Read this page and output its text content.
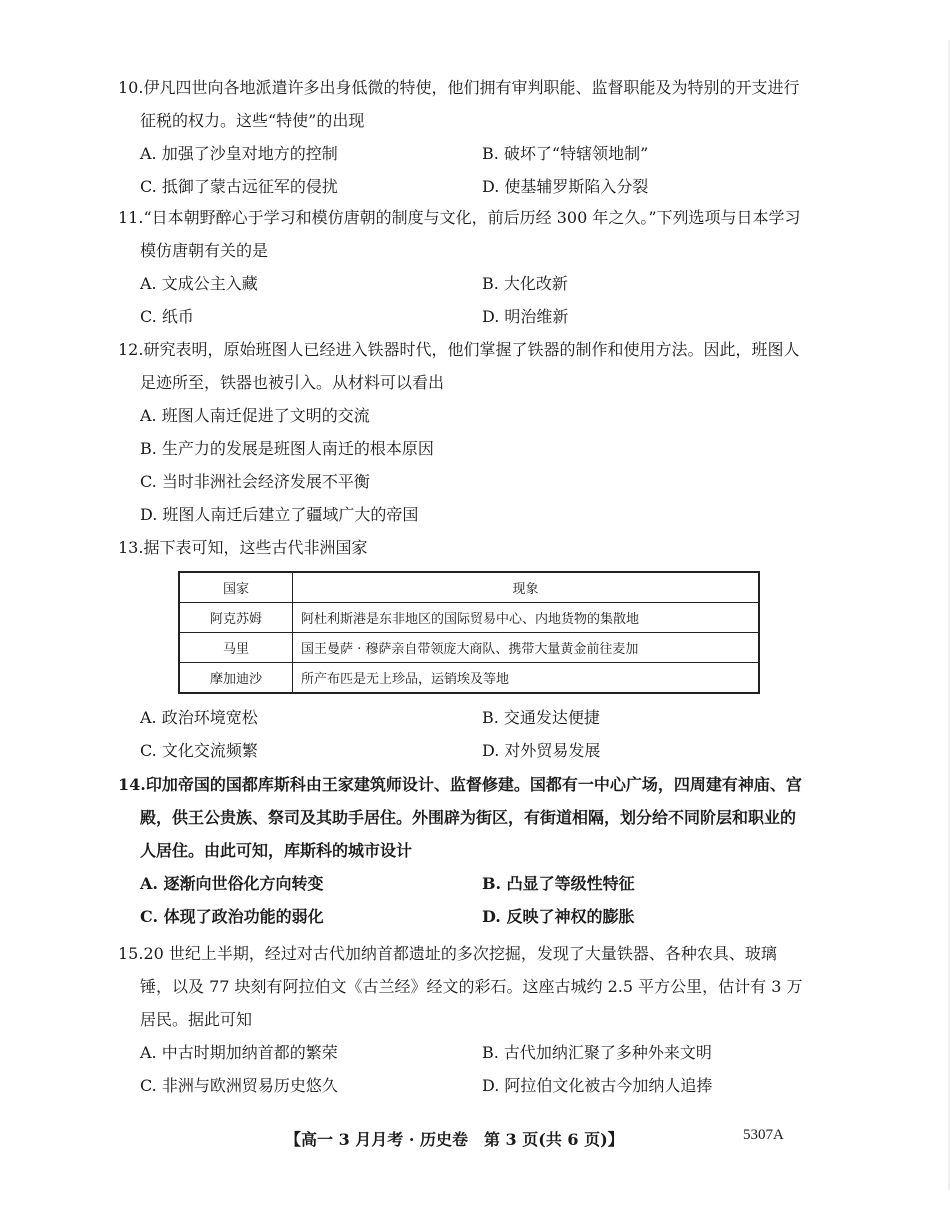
10.伊凡四世向各地派遣许多出身低微的特使，他们拥有审判职能、监督职能及为特别的开支进行征税的权力。这些“特使”的出现

A. 加强了沙皇对地方的控制	B. 破坏了“特辖领地制”
C. 抵御了蒙古远征军的侵扰	D. 使基辅罗斯陷入分裂

11.“日本朝野醉心于学习和模仿唐朝的制度与文化，前后历经 300 年之久。”下列选项与日本学习模仿唐朝有关的是

A. 文成公主入藏	B. 大化改新
C. 纸币	D. 明治维新

12.研究表明，原始班图人已经进入铁器时代，他们掌握了铁器的制作和使用方法。因此，班图人足迹所至，铁器也被引入。从材料可以看出

A. 班图人南迁促进了文明的交流
B. 生产力的发展是班图人南迁的根本原因
C. 当时非洲社会经济发展不平衡
D. 班图人南迁后建立了疆域广大的帝国

13.据下表可知，这些古代非洲国家

国家	现象
阿克苏姆	阿杜利斯港是东非地区的国际贸易中心、内地货物的集散地
马里	国王曼萨 · 穆萨亲自带领庞大商队、携带大量黄金前往麦加
摩加迪沙	所产布匹是无上珍品，运销埃及等地
A. 政治环境宽松	B. 交通发达便捷
C. 文化交流频繁	D. 对外贸易发展

14.印加帝国的国都库斯科由王家建筑师设计、监督修建。国都有一中心广场，四周建有神庙、宫殿，供王公贵族、祭司及其助手居住。外围辟为街区，有街道相隔，划分给不同阶层和职业的人居住。由此可知，库斯科的城市设计

A. 逐渐向世俗化方向转变	B. 凸显了等级性特征
C. 体现了政治功能的弱化	D. 反映了神权的膨胀

15.20 世纪上半期，经过对古代加纳首都遗址的多次挖掘，发现了大量铁器、各种农具、玻璃锤，以及 77 块刻有阿拉伯文《古兰经》经文的彩石。这座古城约 2.5 平方公里，估计有 3 万居民。据此可知

A. 中古时期加纳首都的繁荣	B. 古代加纳汇聚了多种外来文明
C. 非洲与欧洲贸易历史悠久	D. 阿拉伯文化被古今加纳人追捧
【高一 3 月月考 · 历史卷　第 3 页(共 6 页)】	5307A
